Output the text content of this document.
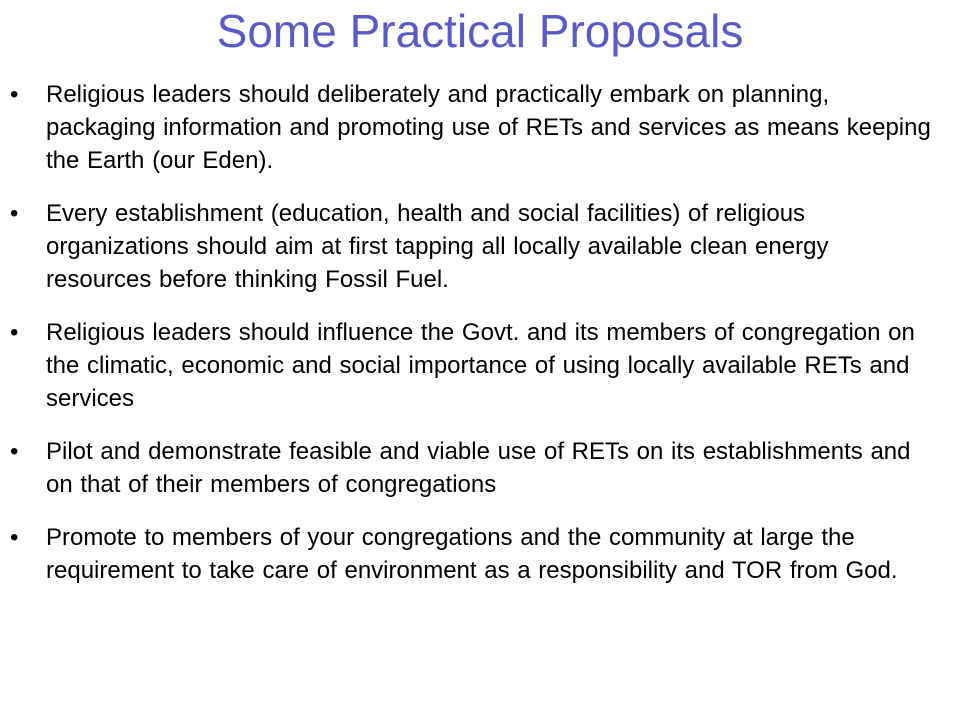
Some Practical Proposals
• Religious leaders should deliberately and practically embark on planning, packaging information and promoting use of RETs and services as means keeping the Earth (our Eden).
• Every establishment (education, health and social facilities) of religious organizations should aim at first tapping all locally available clean energy resources before thinking Fossil Fuel.
• Religious leaders should influence the Govt. and its members of congregation on the climatic, economic and social importance of using locally available RETs and services
• Pilot and demonstrate feasible and viable use of RETs on its establishments and on that of their members of congregations
• Promote to members of your congregations and the community at large the requirement to take care of environment as a responsibility and TOR from God.
